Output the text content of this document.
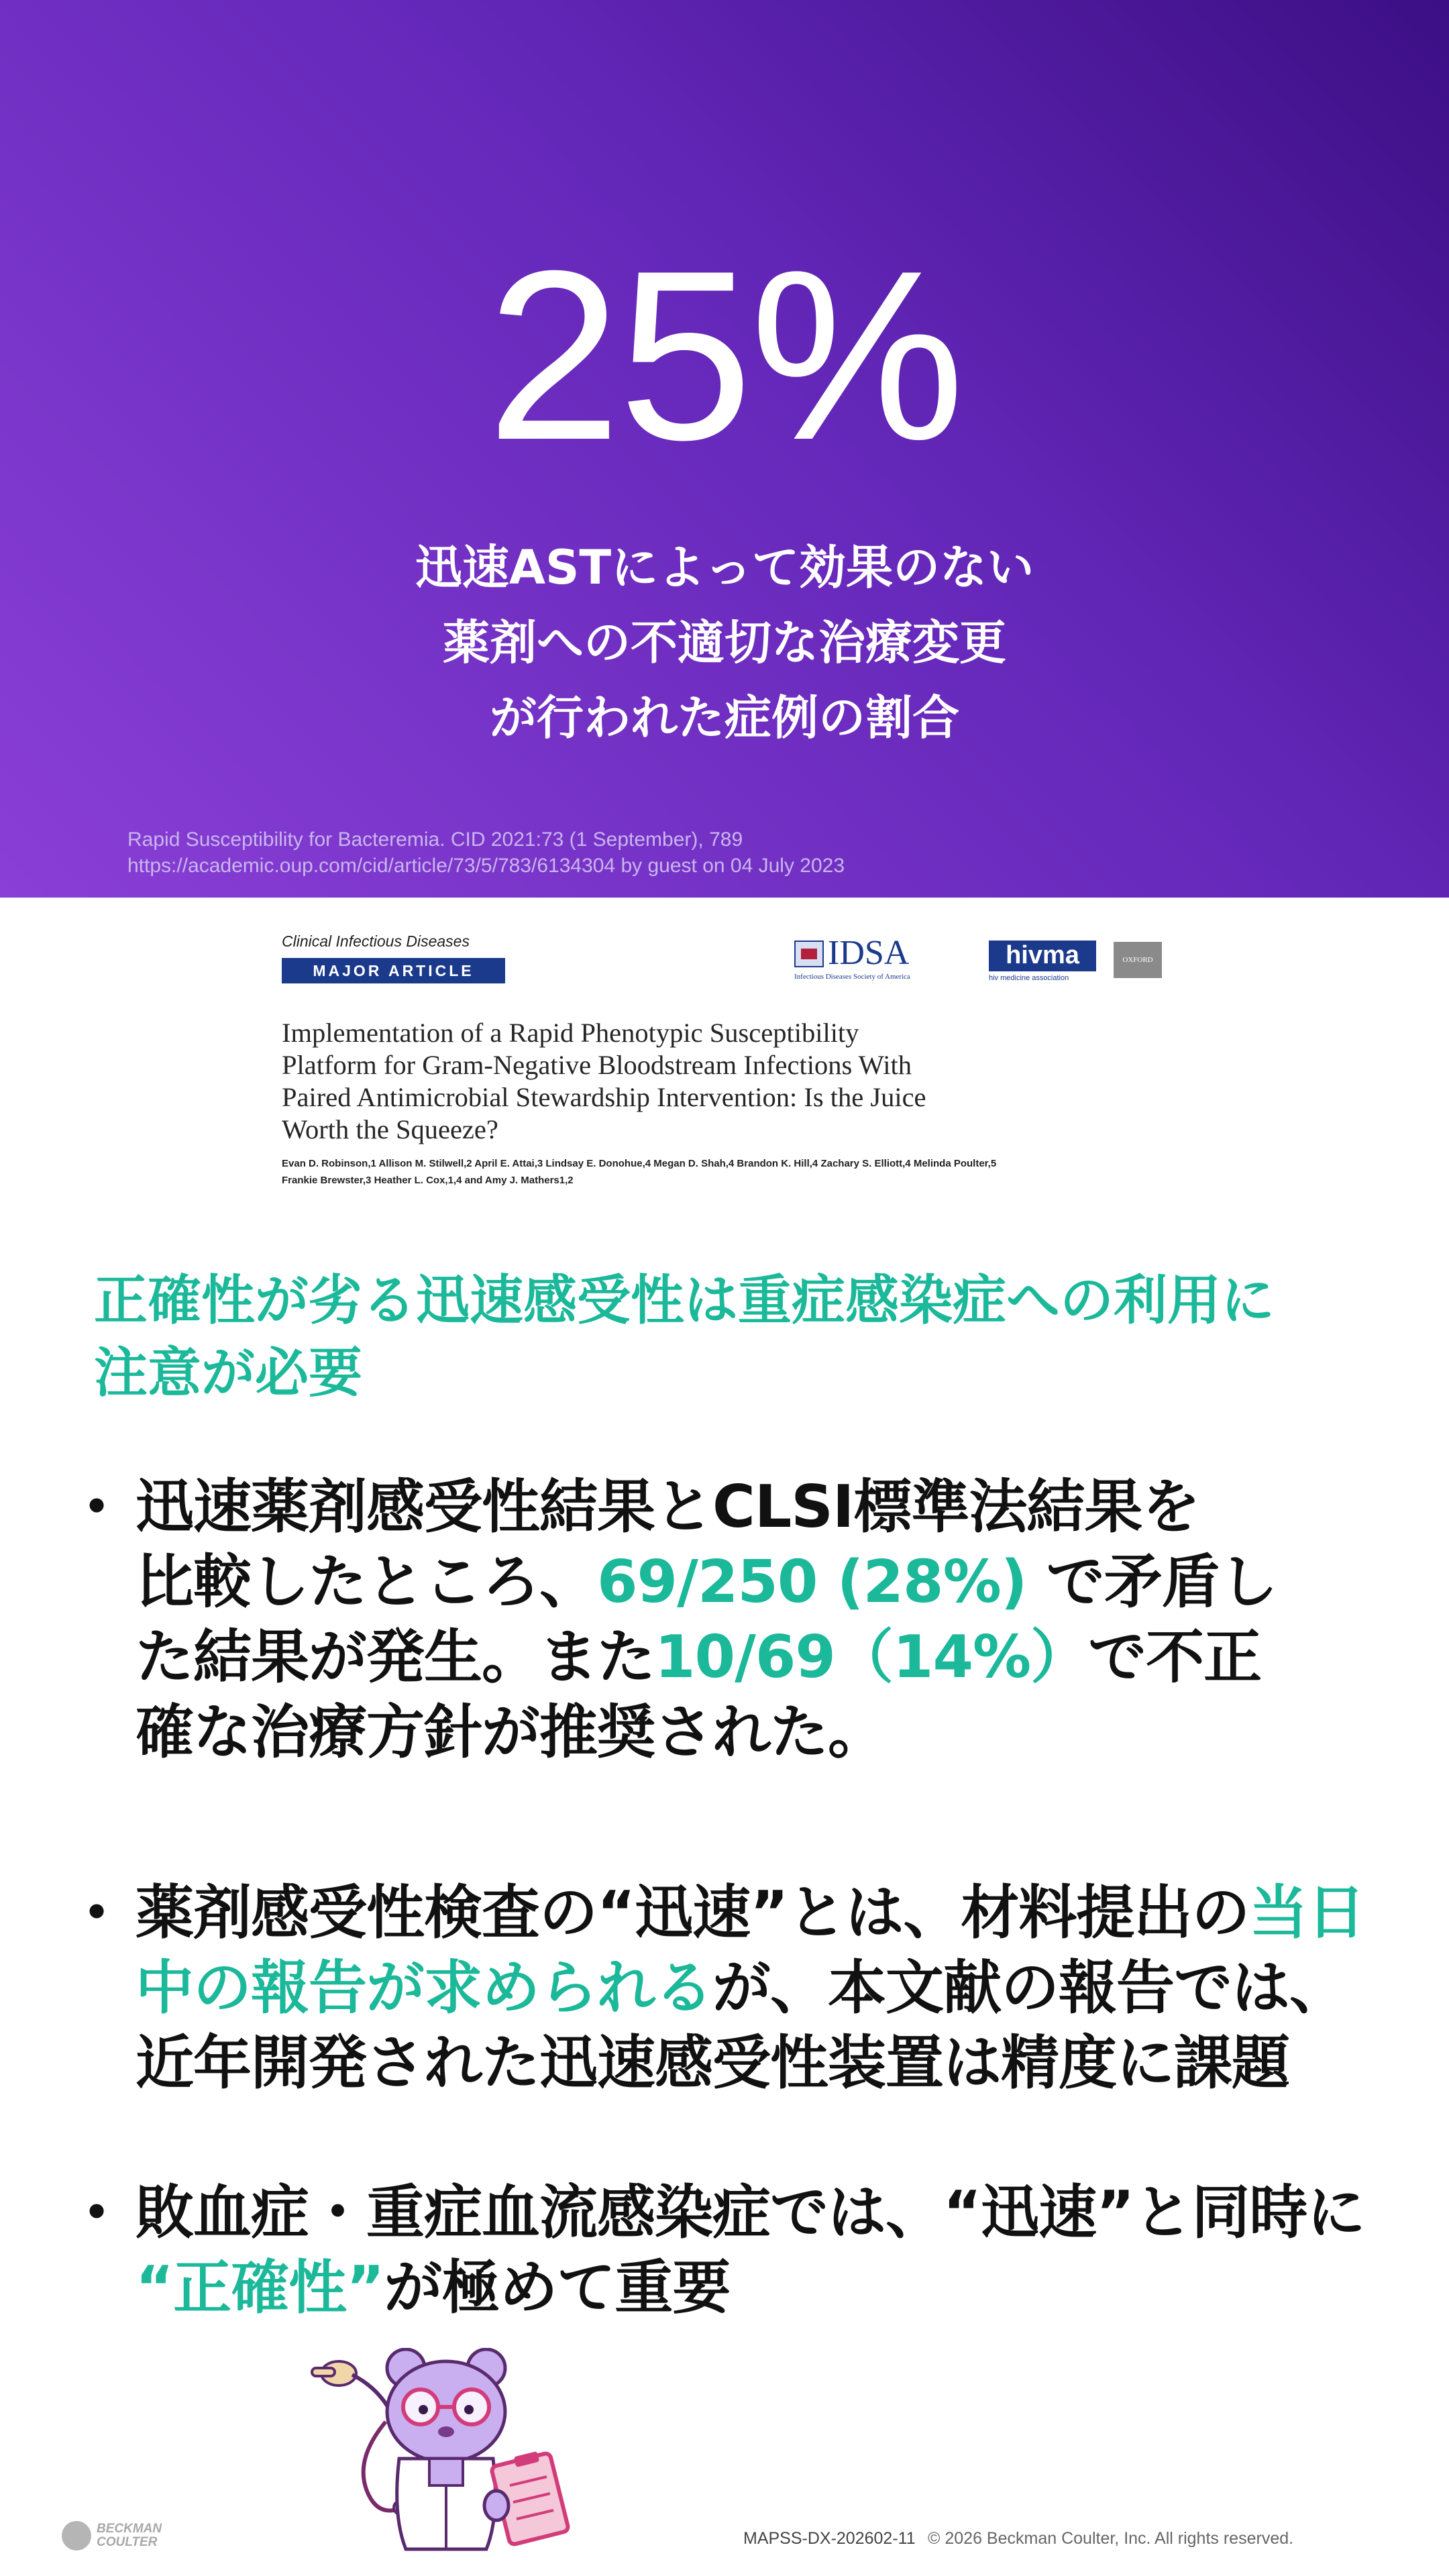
25%
迅速ASTによって効果のない
薬剤への不適切な治療変更
が行われた症例の割合
Rapid Susceptibility for Bacteremia. CID 2021:73 (1 September), 789
https://academic.oup.com/cid/article/73/5/783/6134304 by guest on 04 July 2023
Clinical Infectious Diseases
MAJOR ARTICLE	IDSA
Infectious Diseases Society of America
hivma
hiv medicine association
OXFORD
Implementation of a Rapid Phenotypic Susceptibility
Platform for Gram-Negative Bloodstream Infections With
Paired Antimicrobial Stewardship Intervention: Is the Juice
Worth the Squeeze?
Evan D. Robinson,1 Allison M. Stilwell,2 April E. Attai,3 Lindsay E. Donohue,4 Megan D. Shah,4 Brandon K. Hill,4 Zachary S. Elliott,4 Melinda Poulter,5
Frankie Brewster,3 Heather L. Cox,1,4 and Amy J. Mathers1,2
正確性が劣る迅速感受性は重症感染症への利用に
注意が必要
• 迅速薬剤感受性結果とCLSI標準法結果を
比較したところ、69/250 (28%) で矛盾し
た結果が発生。また10/69（14%）で不正
確な治療方針が推奨された。
• 薬剤感受性検査の“迅速”とは、材料提出の当日
中の報告が求められるが、本文献の報告では、
近年開発された迅速感受性装置は精度に課題
• 敗血症・重症血流感染症では、“迅速”と同時に
“正確性”が極めて重要
BECKMAN
COULTER	MAPSS-DX-202602-11 © 2026 Beckman Coulter, Inc. All rights reserved.
